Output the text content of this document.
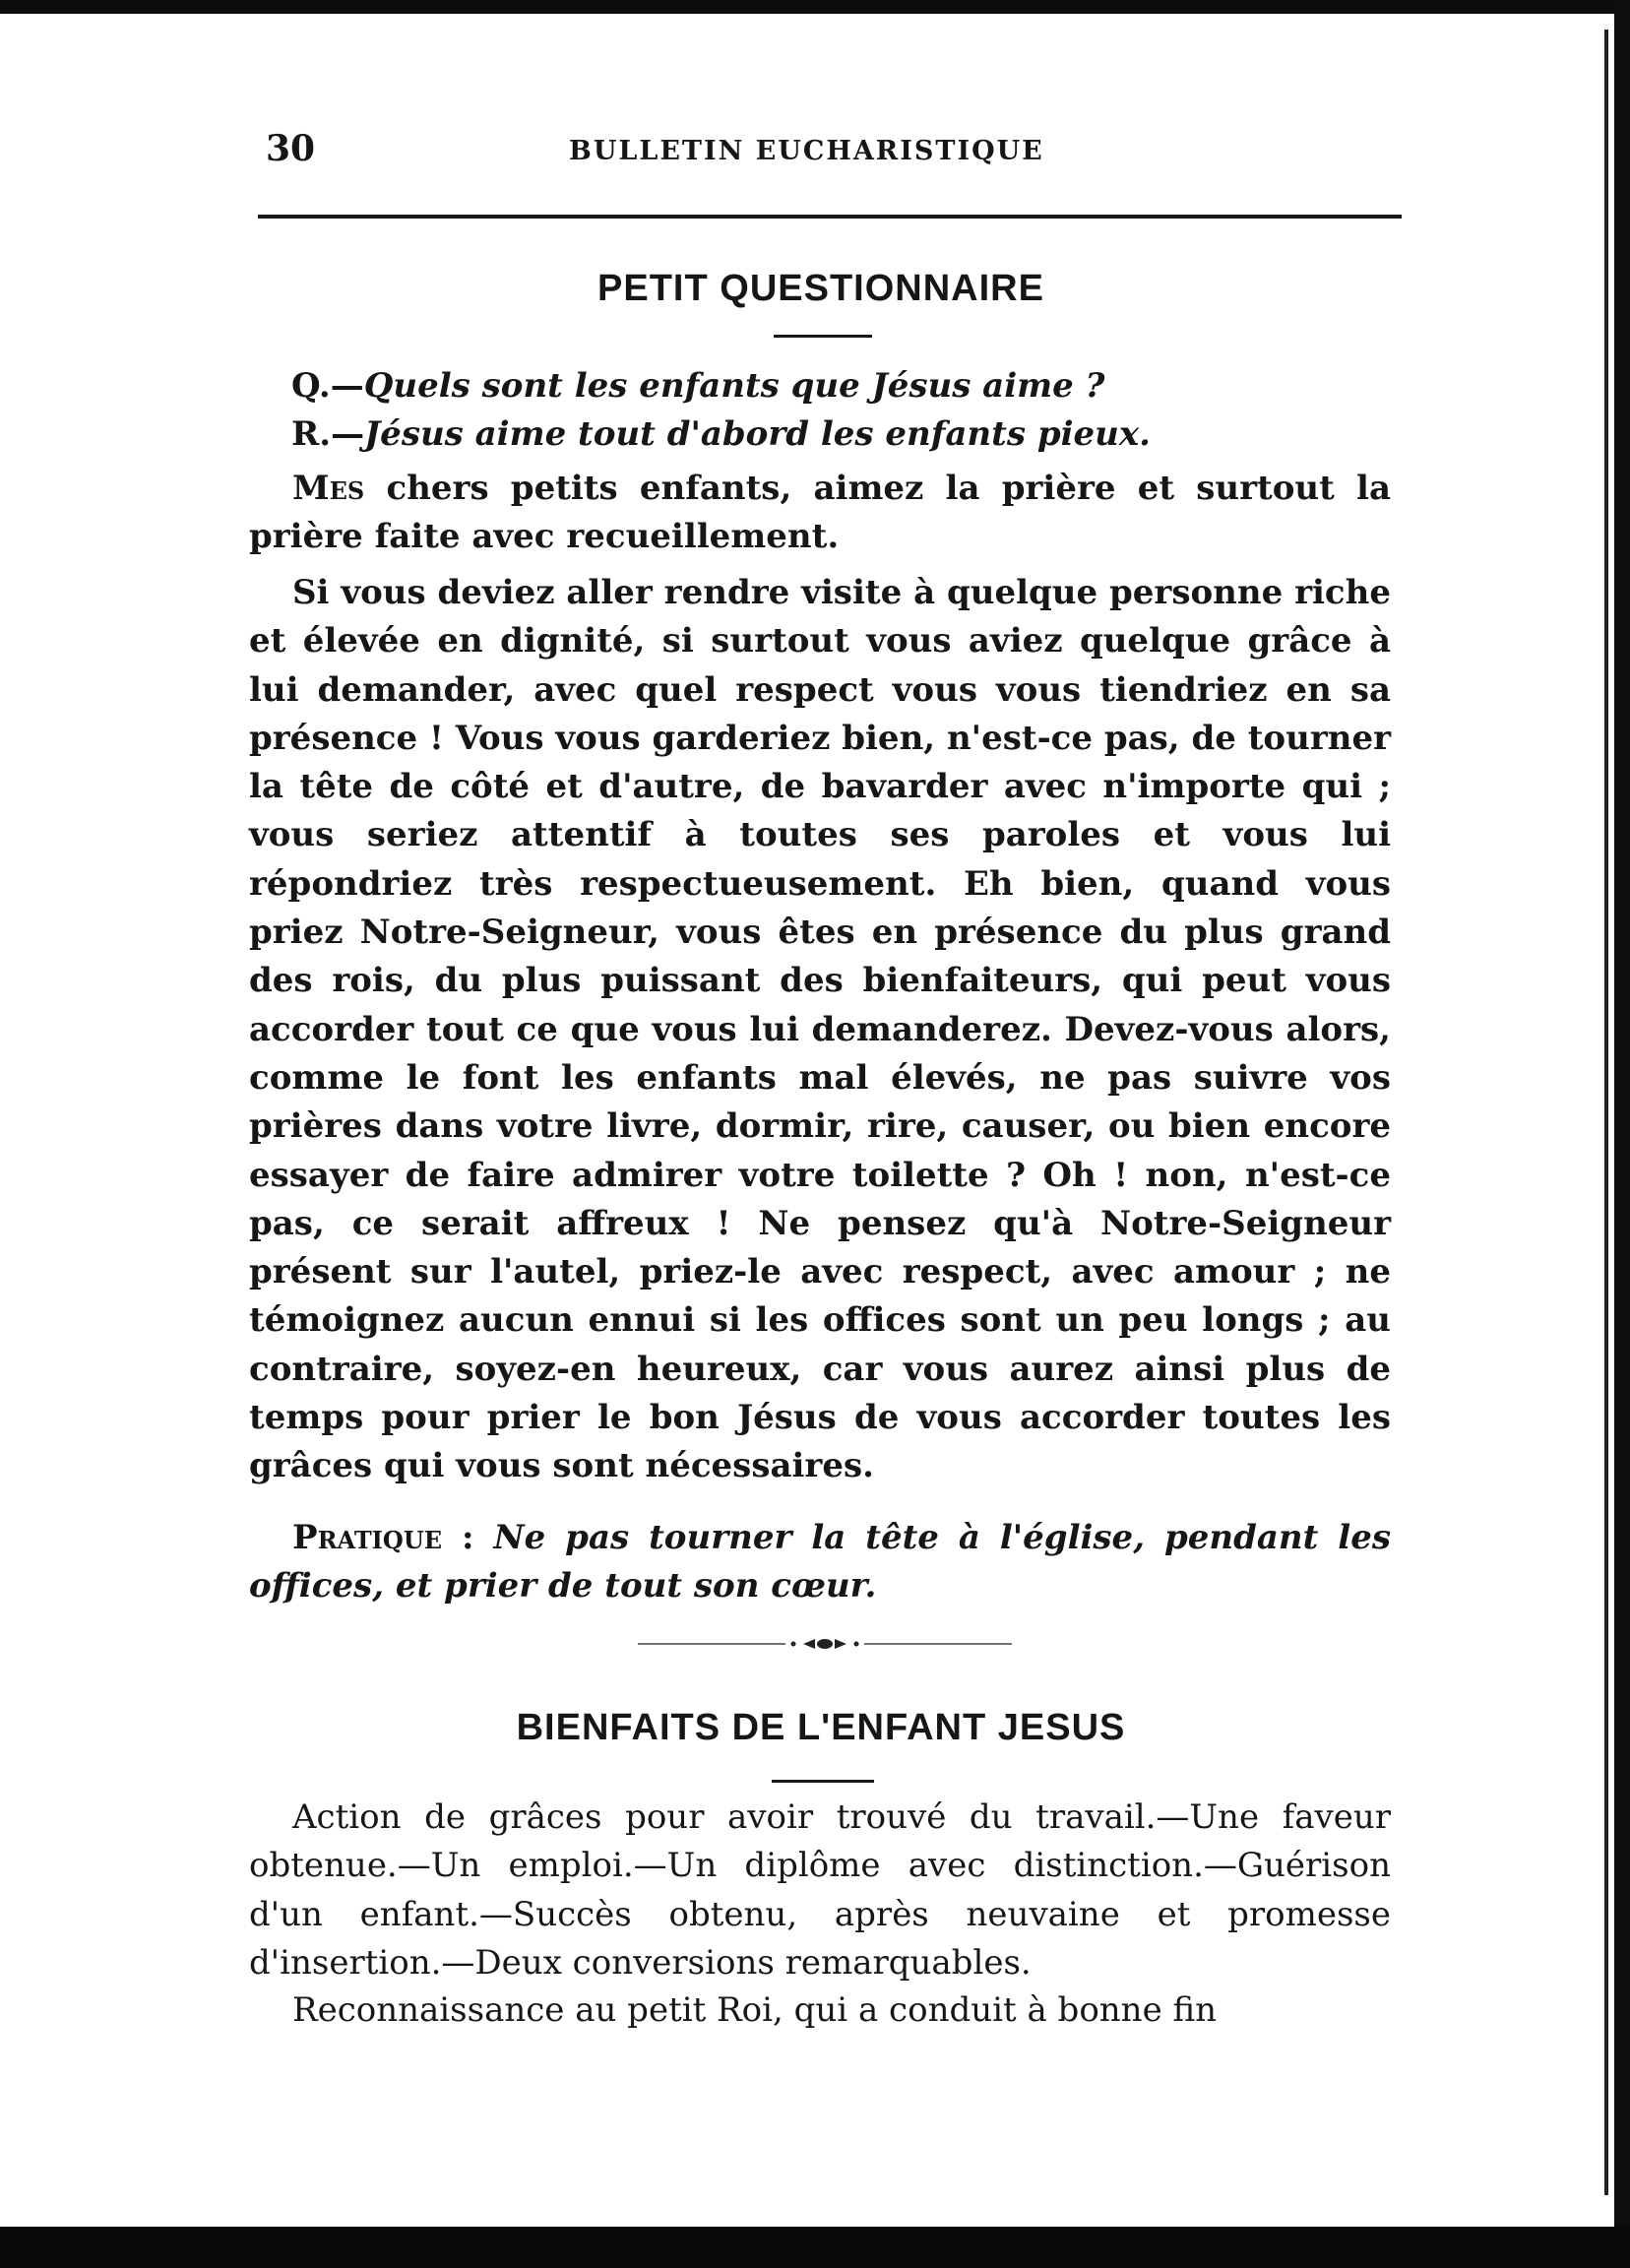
30	BULLETIN EUCHARISTIQUE
PETIT QUESTIONNAIRE

Q.—Quels sont les enfants que Jésus aime ?

R.—Jésus aime tout d'abord les enfants pieux.

Mes chers petits enfants, aimez la prière et surtout la prière faite avec recueillement.

Si vous deviez aller rendre visite à quelque personne riche et élevée en dignité, si surtout vous aviez quelque grâce à lui demander, avec quel respect vous vous tiendriez en sa présence ! Vous vous garderiez bien, n'est-ce pas, de tourner la tête de côté et d'autre, de bavarder avec n'importe qui ; vous seriez attentif à toutes ses paroles et vous lui répondriez très respectueusement. Eh bien, quand vous priez Notre-Seigneur, vous êtes en présence du plus grand des rois, du plus puissant des bienfaiteurs, qui peut vous accorder tout ce que vous lui demanderez. Devez-vous alors, comme le font les enfants mal élevés, ne pas suivre vos prières dans votre livre, dormir, rire, causer, ou bien encore essayer de faire admirer votre toilette ? Oh ! non, n'est-ce pas, ce serait affreux ! Ne pensez qu'à Notre-Seigneur présent sur l'autel, priez-le avec respect, avec amour ; ne témoignez aucun ennui si les offices sont un peu longs ; au contraire, soyez-en heureux, car vous aurez ainsi plus de temps pour prier le bon Jésus de vous accorder toutes les grâces qui vous sont nécessaires.

Pratique : Ne pas tourner la tête à l'église, pendant les offices, et prier de tout son cœur.

BIENFAITS DE L'ENFANT JESUS

Action de grâces pour avoir trouvé du travail.—Une faveur obtenue.—Un emploi.—Un diplôme avec distinction.—Guérison d'un enfant.—Succès obtenu, après neuvaine et promesse d'insertion.—Deux conversions remarquables.

Reconnaissance au petit Roi, qui a conduit à bonne fin
